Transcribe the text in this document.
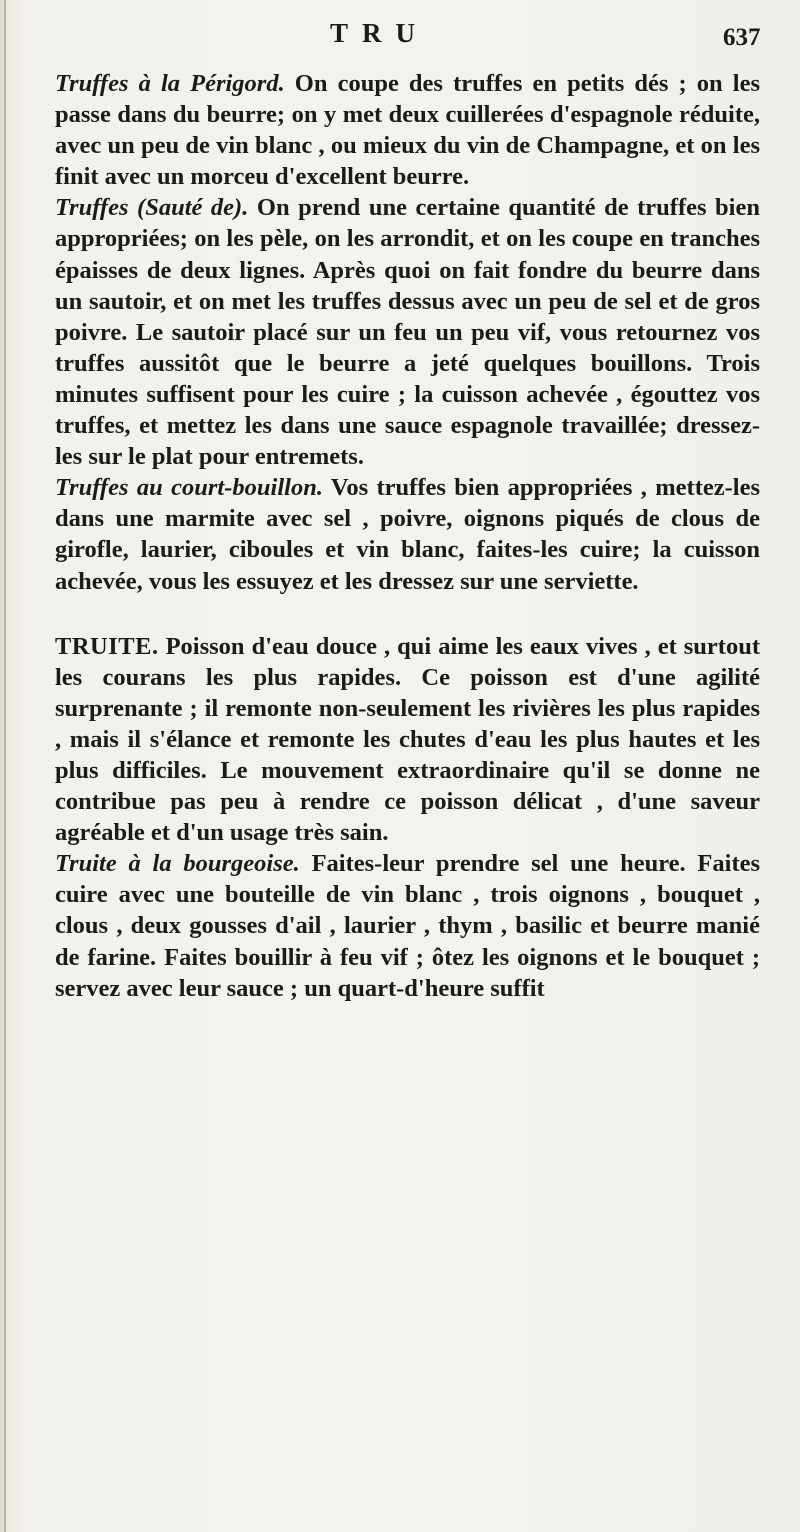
TRU	637

Truffes à la Périgord. On coupe des truffes en petits dés ; on les passe dans du beurre; on y met deux cuillerées d'espagnole réduite, avec un peu de vin blanc , ou mieux du vin de Champagne, et on les finit avec un morceu d'excellent beurre.

Truffes (Sauté de). On prend une certaine quantité de truffes bien appropriées; on les pèle, on les arrondit, et on les coupe en tranches épaisses de deux lignes. Après quoi on fait fondre du beurre dans un sautoir, et on met les truffes dessus avec un peu de sel et de gros poivre. Le sautoir placé sur un feu un peu vif, vous retournez vos truffes aussitôt que le beurre a jeté quelques bouillons. Trois minutes suffisent pour les cuire ; la cuisson achevée , égouttez vos truffes, et mettez les dans une sauce espagnole travaillée; dressez-les sur le plat pour entremets.

Truffes au court-bouillon. Vos truffes bien appropriées , mettez-les dans une marmite avec sel , poivre, oignons piqués de clous de girofle, laurier, ciboules et vin blanc, faites-les cuire; la cuisson achevée, vous les essuyez et les dressez sur une serviette.

TRUITE. Poisson d'eau douce , qui aime les eaux vives , et surtout les courans les plus rapides. Ce poisson est d'une agilité surprenante ; il remonte non-seulement les rivières les plus rapides , mais il s'élance et remonte les chutes d'eau les plus hautes et les plus difficiles. Le mouvement extraordinaire qu'il se donne ne contribue pas peu à rendre ce poisson délicat , d'une saveur agréable et d'un usage très sain.

Truite à la bourgeoise. Faites-leur prendre sel une heure. Faites cuire avec une bouteille de vin blanc , trois oignons , bouquet , clous , deux gousses d'ail , laurier , thym , basilic et beurre manié de farine. Faites bouillir à feu vif ; ôtez les oignons et le bouquet ; servez avec leur sauce ; un quart-d'heure suffit
